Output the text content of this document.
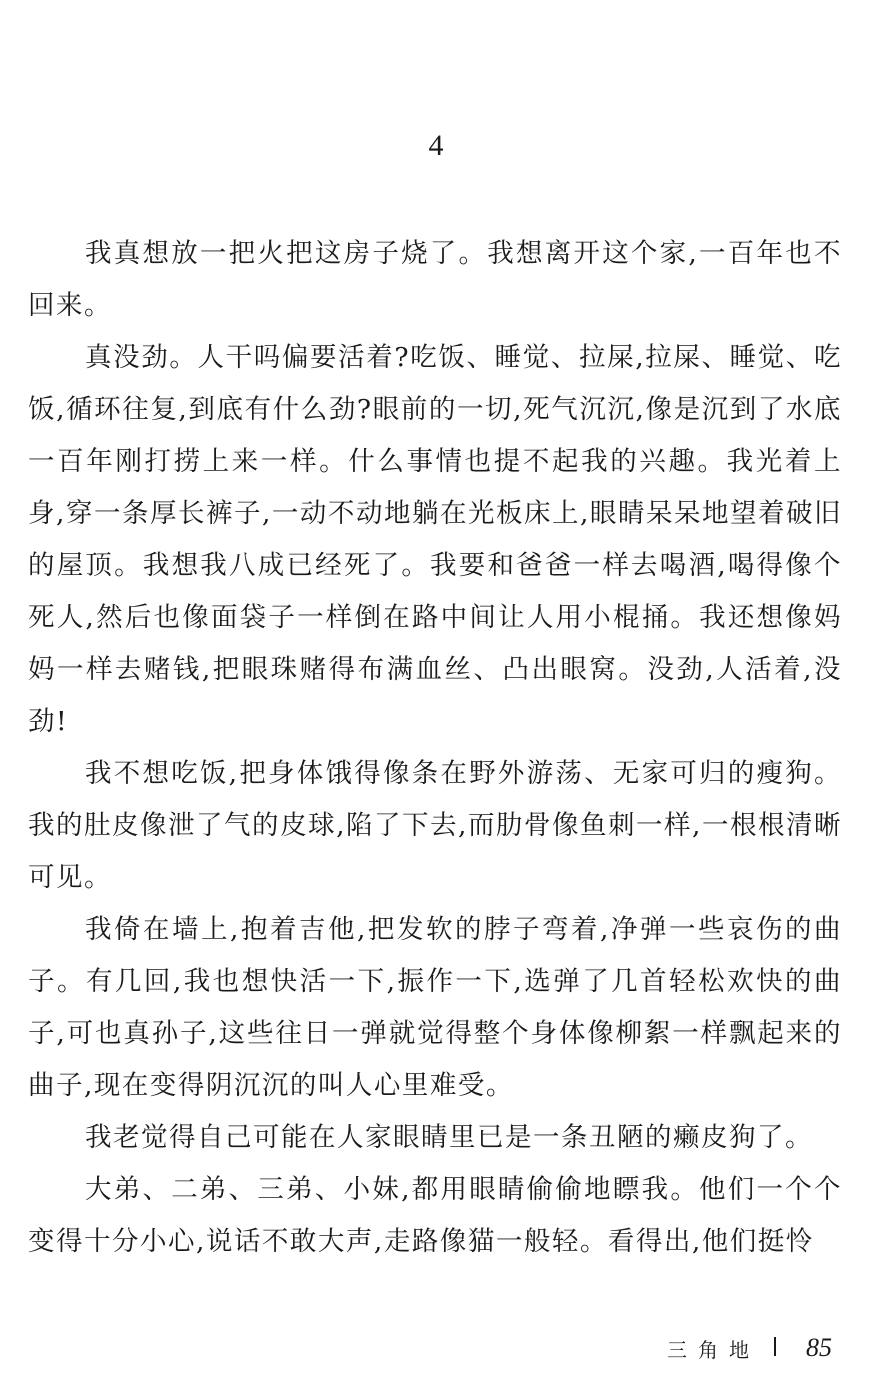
4

我真想放一把火把这房子烧了。我想离开这个家,一百年也不回来。

真没劲。人干吗偏要活着?吃饭、睡觉、拉屎,拉屎、睡觉、吃饭,循环往复,到底有什么劲?眼前的一切,死气沉沉,像是沉到了水底一百年刚打捞上来一样。什么事情也提不起我的兴趣。我光着上身,穿一条厚长裤子,一动不动地躺在光板床上,眼睛呆呆地望着破旧的屋顶。我想我八成已经死了。我要和爸爸一样去喝酒,喝得像个死人,然后也像面袋子一样倒在路中间让人用小棍捅。我还想像妈妈一样去赌钱,把眼珠赌得布满血丝、凸出眼窝。没劲,人活着,没劲!

我不想吃饭,把身体饿得像条在野外游荡、无家可归的瘦狗。我的肚皮像泄了气的皮球,陷了下去,而肋骨像鱼刺一样,一根根清晰可见。

我倚在墙上,抱着吉他,把发软的脖子弯着,净弹一些哀伤的曲子。有几回,我也想快活一下,振作一下,选弹了几首轻松欢快的曲子,可也真孙子,这些往日一弹就觉得整个身体像柳絮一样飘起来的曲子,现在变得阴沉沉的叫人心里难受。

我老觉得自己可能在人家眼睛里已是一条丑陋的癞皮狗了。

大弟、二弟、三弟、小妹,都用眼睛偷偷地瞟我。他们一个个变得十分小心,说话不敢大声,走路像猫一般轻。看得出,他们挺怜

三角地 85
